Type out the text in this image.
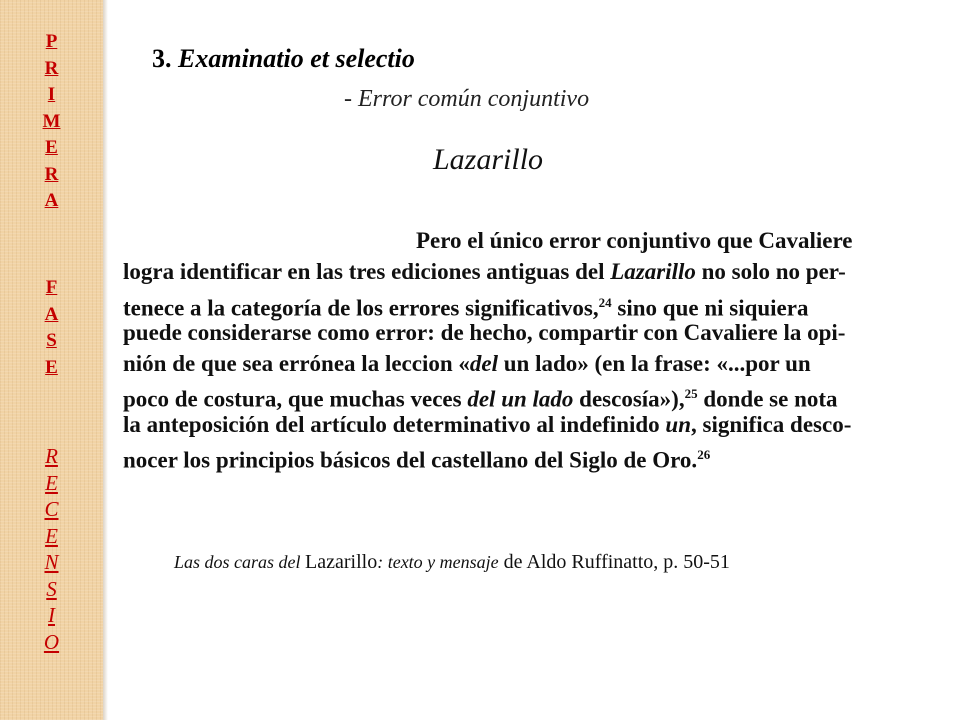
P
R
I
M
E
R
A
F
A
S
E
R
E
C
E
N
S
I
O
3. Examinatio et selectio
- Error común conjuntivo
Lazarillo
Pero el único error conjuntivo que Cavaliere
logra identificar en las tres ediciones antiguas del Lazarillo no solo no per-
tenece a la categoría de los errores significativos,$^{24}$ sino que ni siquiera
puede considerarse como error: de hecho, compartir con Cavaliere la opi-
nión de que sea errónea la leccion «del un lado» (en la frase: «...por un
poco de costura, que muchas veces del un lado descosía»),$^{25}$ donde se nota
la anteposición del artículo determinativo al indefinido un, significa desco-
nocer los principios básicos del castellano del Siglo de Oro.$^{26}$
Las dos caras del Lazarillo: texto y mensaje de Aldo Ruffinatto, p. 50-51
